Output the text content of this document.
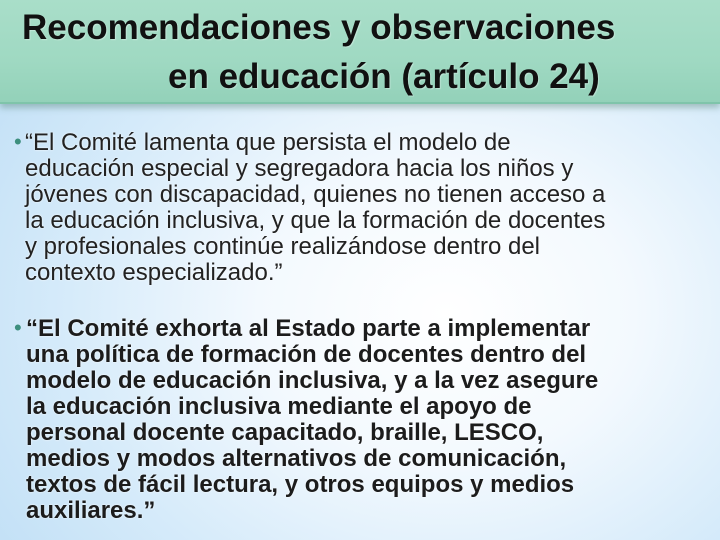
Recomendaciones y observaciones
en educación (artículo 24)
• “El Comité lamenta que persista el modelo de
educación especial y segregadora hacia los niños y
jóvenes con discapacidad, quienes no tienen acceso a
la educación inclusiva, y que la formación de docentes
y profesionales continúe realizándose dentro del
contexto especializado.”

• “El Comité exhorta al Estado parte a implementar
una política de formación de docentes dentro del
modelo de educación inclusiva, y a la vez asegure
la educación inclusiva mediante el apoyo de
personal docente capacitado, braille, LESCO,
medios y modos alternativos de comunicación,
textos de fácil lectura, y otros equipos y medios
auxiliares.”
